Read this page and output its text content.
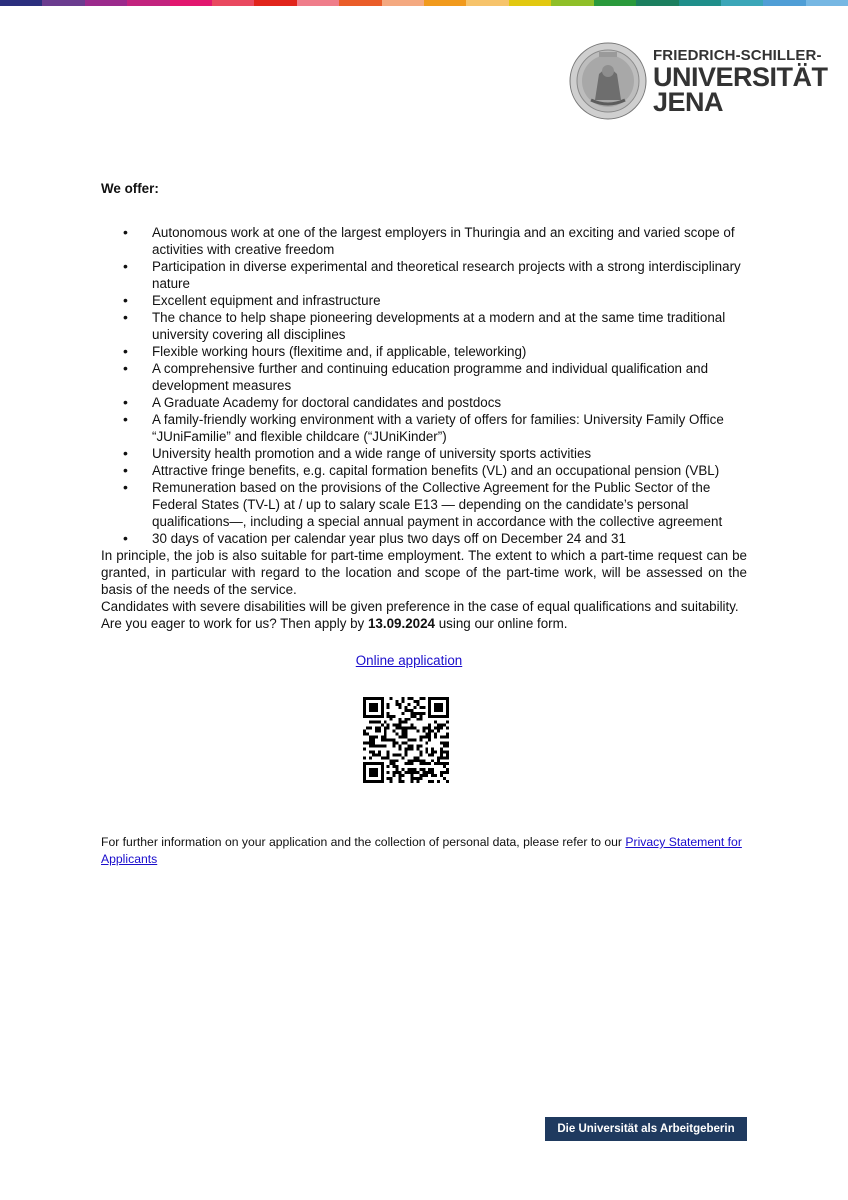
FRIEDRICH-SCHILLER-
UNIVERSITÄT
JENA
We offer:
• Autonomous work at one of the largest employers in Thuringia and an exciting and varied scope of activities with creative freedom
• Participation in diverse experimental and theoretical research projects with a strong interdisciplinary nature
• Excellent equipment and infrastructure
• The chance to help shape pioneering developments at a modern and at the same time traditional university covering all disciplines
• Flexible working hours (flexitime and, if applicable, teleworking)
• A comprehensive further and continuing education programme and individual qualification and development measures
• A Graduate Academy for doctoral candidates and postdocs
• A family-friendly working environment with a variety of offers for families: University Family Office “JUniFamilie” and flexible childcare (“JUniKinder”)
• University health promotion and a wide range of university sports activities
• Attractive fringe benefits, e.g. capital formation benefits (VL) and an occupational pension (VBL)
• Remuneration based on the provisions of the Collective Agreement for the Public Sector of the Federal States (TV-L) at / up to salary scale E13 — depending on the candidate’s personal qualifications—, including a special annual payment in accordance with the collective agreement
• 30 days of vacation per calendar year plus two days off on December 24 and 31

In principle, the job is also suitable for part-time employment. The extent to which a part-time request can be granted, in particular with regard to the location and scope of the part-time work, will be assessed on the basis of the needs of the service.

Candidates with severe disabilities will be given preference in the case of equal qualifications and suitability.

Are you eager to work for us? Then apply by 13.09.2024 using our online form.

Online application
For further information on your application and the collection of personal data, please refer to our Privacy Statement for Applicants
Die Universität als Arbeitgeberin
